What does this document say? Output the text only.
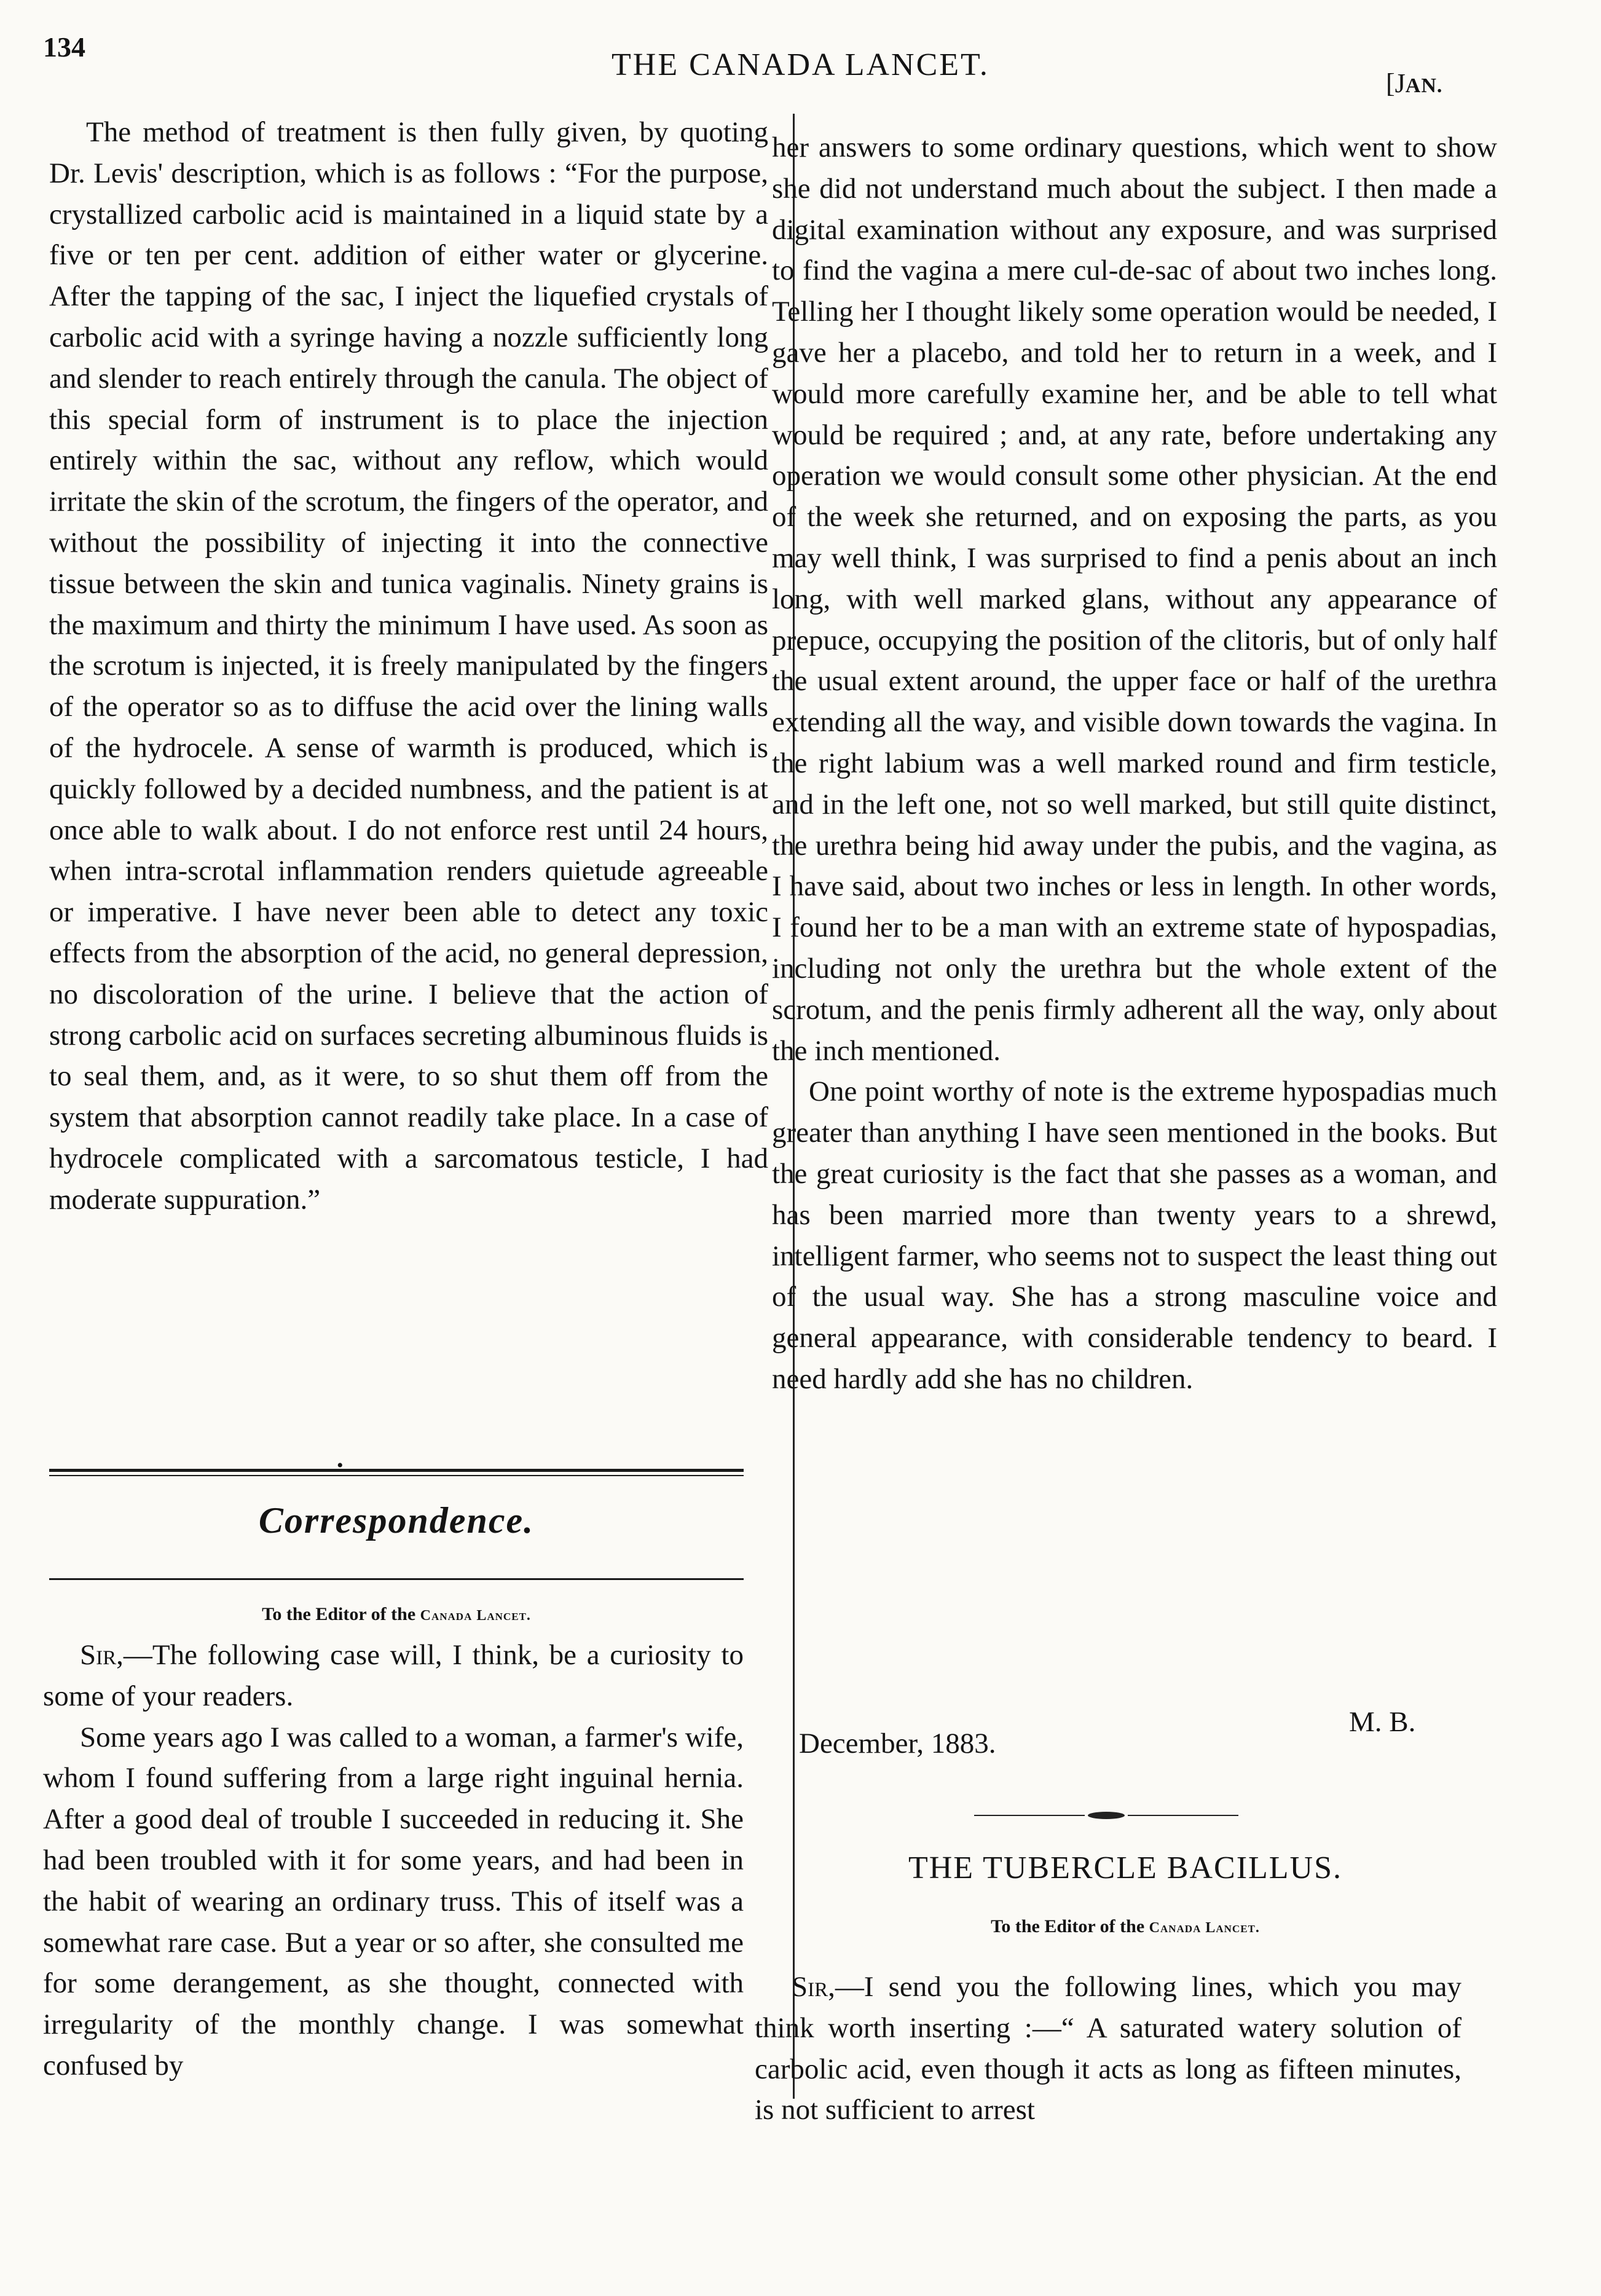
134
THE CANADA LANCET.
[JAN.

The method of treatment is then fully given, by quoting Dr. Levis' description, which is as follows : “For the purpose, crystallized carbolic acid is maintained in a liquid state by a five or ten per cent. addition of either water or glycerine. After the tapping of the sac, I inject the liquefied crystals of carbolic acid with a syringe having a nozzle sufficiently long and slender to reach entirely through the canula. The object of this special form of instrument is to place the injection entirely within the sac, without any reflow, which would irritate the skin of the scrotum, the fingers of the operator, and without the possibility of injecting it into the connective tissue between the skin and tunica vaginalis. Ninety grains is the maximum and thirty the minimum I have used. As soon as the scrotum is injected, it is freely manipulated by the fingers of the operator so as to diffuse the acid over the lining walls of the hydrocele. A sense of warmth is produced, which is quickly followed by a decided numbness, and the patient is at once able to walk about. I do not enforce rest until 24 hours, when intra-scrotal inflammation renders quietude agreeable or imperative. I have never been able to detect any toxic effects from the absorption of the acid, no general depression, no discoloration of the urine. I believe that the action of strong carbolic acid on surfaces secreting albuminous fluids is to seal them, and, as it were, to so shut them off from the system that absorption cannot readily take place. In a case of hydrocele complicated with a sarcomatous testicle, I had moderate suppuration.”

•
Correspondence.
To the Editor of the Canada Lancet.

Sir,—The following case will, I think, be a curiosity to some of your readers.

Some years ago I was called to a woman, a farmer's wife, whom I found suffering from a large right inguinal hernia. After a good deal of trouble I succeeded in reducing it. She had been troubled with it for some years, and had been in the habit of wearing an ordinary truss. This of itself was a somewhat rare case. But a year or so after, she consulted me for some derangement, as she thought, connected with irregularity of the monthly change. I was somewhat confused by

her answers to some ordinary questions, which went to show she did not understand much about the subject. I then made a digital examination without any exposure, and was surprised to find the vagina a mere cul-de-sac of about two inches long. Telling her I thought likely some operation would be needed, I gave her a placebo, and told her to return in a week, and I would more carefully examine her, and be able to tell what would be required ; and, at any rate, before undertaking any operation we would consult some other physician. At the end of the week she returned, and on exposing the parts, as you may well think, I was surprised to find a penis about an inch long, with well marked glans, without any appearance of prepuce, occupying the position of the clitoris, but of only half the usual extent around, the upper face or half of the urethra extending all the way, and visible down towards the vagina. In the right labium was a well marked round and firm testicle, and in the left one, not so well marked, but still quite distinct, the urethra being hid away under the pubis, and the vagina, as I have said, about two inches or less in length. In other words, I found her to be a man with an extreme state of hypospadias, including not only the urethra but the whole extent of the scrotum, and the penis firmly adherent all the way, only about the inch mentioned.

One point worthy of note is the extreme hypospadias much greater than anything I have seen mentioned in the books. But the great curiosity is the fact that she passes as a woman, and has been married more than twenty years to a shrewd, intelligent farmer, who seems not to suspect the least thing out of the usual way. She has a strong masculine voice and general appearance, with considerable tendency to beard. I need hardly add she has no children.

M. B.
December, 1883.
THE TUBERCLE BACILLUS.
To the Editor of the Canada Lancet.

Sir,—I send you the following lines, which you may think worth inserting :—“ A saturated watery solution of carbolic acid, even though it acts as long as fifteen minutes, is not sufficient to arrest
